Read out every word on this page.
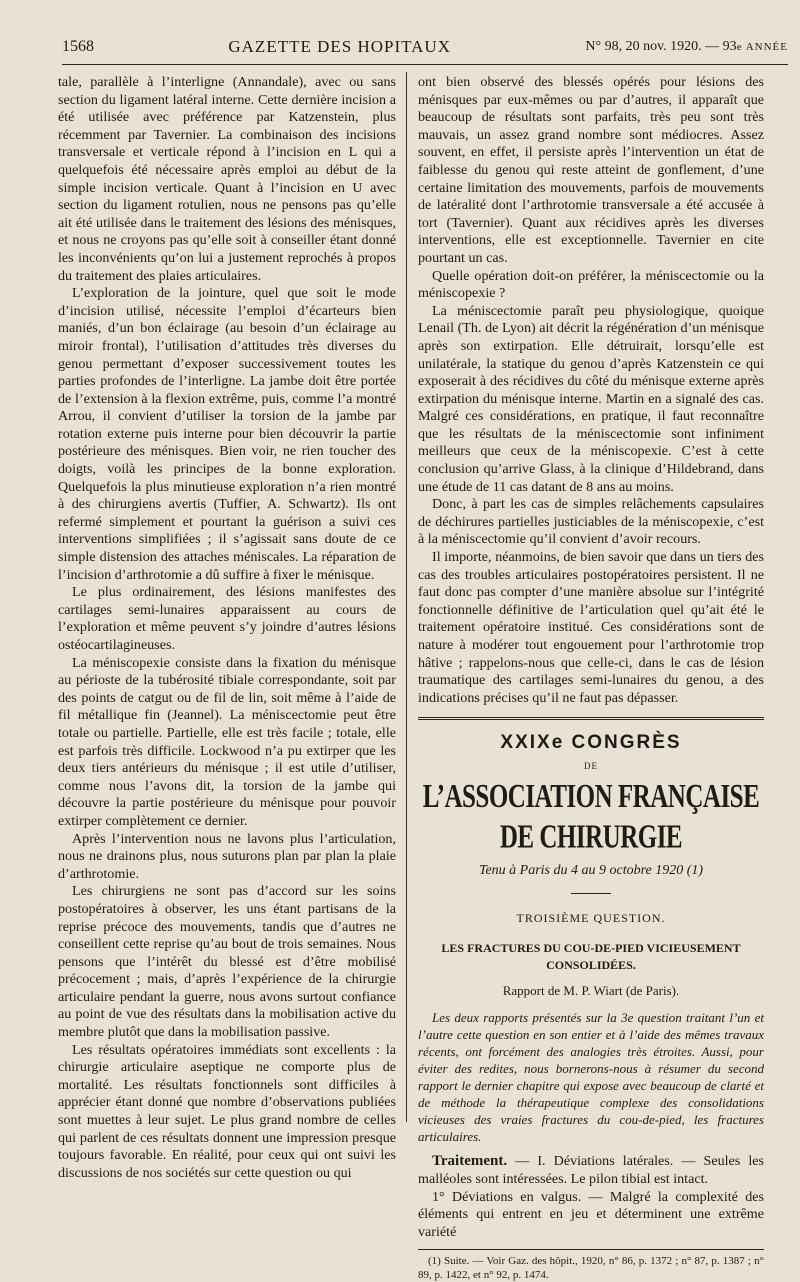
1568	GAZETTE DES HOPITAUX	N° 98, 20 nov. 1920. — 93e ANNÉE

tale, parallèle à l’interligne (Annandale), avec ou sans section du ligament latéral interne. Cette dernière incision a été utilisée avec préférence par Katzenstein, plus récemment par Tavernier. La combinaison des incisions transversale et verticale répond à l’incision en L qui a quelquefois été nécessaire après emploi au début de la simple incision verticale. Quant à l’incision en U avec section du ligament rotulien, nous ne pensons pas qu’elle ait été utilisée dans le traitement des lésions des ménisques, et nous ne croyons pas qu’elle soit à conseiller étant donné les inconvénients qu’on lui a justement reprochés à propos du traitement des plaies articulaires.

L’exploration de la jointure, quel que soit le mode d’incision utilisé, nécessite l’emploi d’écarteurs bien maniés, d’un bon éclairage (au besoin d’un éclairage au miroir frontal), l’utilisation d’attitudes très diverses du genou permettant d’exposer successivement toutes les parties profondes de l’interligne. La jambe doit être portée de l’extension à la flexion extrême, puis, comme l’a montré Arrou, il convient d’utiliser la torsion de la jambe par rotation externe puis interne pour bien découvrir la partie postérieure des ménisques. Bien voir, ne rien toucher des doigts, voilà les principes de la bonne exploration. Quelquefois la plus minutieuse exploration n’a rien montré à des chirurgiens avertis (Tuffier, A. Schwartz). Ils ont refermé simplement et pourtant la guérison a suivi ces interventions simplifiées ; il s’agissait sans doute de ce simple distension des attaches méniscales. La réparation de l’incision d’arthrotomie a dû suffire à fixer le ménisque.

Le plus ordinairement, des lésions manifestes des cartilages semi-lunaires apparaissent au cours de l’exploration et même peuvent s’y joindre d’autres lésions ostéocartilagineuses.

La méniscopexie consiste dans la fixation du ménisque au périoste de la tubérosité tibiale correspondante, soit par des points de catgut ou de fil de lin, soit même à l’aide de fil métallique fin (Jeannel). La méniscectomie peut être totale ou partielle. Partielle, elle est très facile ; totale, elle est parfois très difficile. Lockwood n’a pu extirper que les deux tiers antérieurs du ménisque ; il est utile d’utiliser, comme nous l’avons dit, la torsion de la jambe qui découvre la partie postérieure du ménisque pour pouvoir extirper complètement ce dernier.

Après l’intervention nous ne lavons plus l’articulation, nous ne drainons plus, nous suturons plan par plan la plaie d’arthrotomie.

Les chirurgiens ne sont pas d’accord sur les soins postopératoires à observer, les uns étant partisans de la reprise précoce des mouvements, tandis que d’autres ne conseillent cette reprise qu’au bout de trois semaines. Nous pensons que l’intérêt du blessé est d’être mobilisé précocement ; mais, d’après l’expérience de la chirurgie articulaire pendant la guerre, nous avons surtout confiance au point de vue des résultats dans la mobilisation active du membre plutôt que dans la mobilisation passive.

Les résultats opératoires immédiats sont excellents : la chirurgie articulaire aseptique ne comporte plus de mortalité. Les résultats fonctionnels sont difficiles à apprécier étant donné que nombre d’observations publiées sont muettes à leur sujet. Le plus grand nombre de celles qui parlent de ces résultats donnent une impression presque toujours favorable. En réalité, pour ceux qui ont suivi les discussions de nos sociétés sur cette question ou qui

ont bien observé des blessés opérés pour lésions des ménisques par eux-mêmes ou par d’autres, il apparaît que beaucoup de résultats sont parfaits, très peu sont très mauvais, un assez grand nombre sont médiocres. Assez souvent, en effet, il persiste après l’intervention un état de faiblesse du genou qui reste atteint de gonflement, d’une certaine limitation des mouvements, parfois de mouvements de latéralité dont l’arthrotomie transversale a été accusée à tort (Tavernier). Quant aux récidives après les diverses interventions, elle est exceptionnelle. Tavernier en cite pourtant un cas.

Quelle opération doit-on préférer, la méniscectomie ou la méniscopexie ?

La méniscectomie paraît peu physiologique, quoique Lenail (Th. de Lyon) ait décrit la régénération d’un ménisque après son extirpation. Elle détruirait, lorsqu’elle est unilatérale, la statique du genou d’après Katzenstein ce qui exposerait à des récidives du côté du ménisque externe après extirpation du ménisque interne. Martin en a signalé des cas. Malgré ces considérations, en pratique, il faut reconnaître que les résultats de la méniscectomie sont infiniment meilleurs que ceux de la méniscopexie. C’est à cette conclusion qu’arrive Glass, à la clinique d’Hildebrand, dans une étude de 11 cas datant de 8 ans au moins.

Donc, à part les cas de simples relâchements capsulaires de déchirures partielles justiciables de la méniscopexie, c’est à la méniscectomie qu’il convient d’avoir recours.

Il importe, néanmoins, de bien savoir que dans un tiers des cas des troubles articulaires postopératoires persistent. Il ne faut donc pas compter d’une manière absolue sur l’intégrité fonctionnelle définitive de l’articulation quel qu’ait été le traitement opératoire institué. Ces considérations sont de nature à modérer tout engouement pour l’arthrotomie trop hâtive ; rappelons-nous que celle-ci, dans le cas de lésion traumatique des cartilages semi-lunaires du genou, a des indications précises qu’il ne faut pas dépasser.

XXIXe CONGRÈS
DE
L’ASSOCIATION FRANÇAISE DE CHIRURGIE
Tenu à Paris du 4 au 9 octobre 1920 (1)
TROISIÈME QUESTION.
LES FRACTURES DU COU-DE-PIED VICIEUSEMENT CONSOLIDÉES.
Rapport de M. P. Wiart (de Paris).

Les deux rapports présentés sur la 3e question traitant l’un et l’autre cette question en son entier et à l’aide des mêmes travaux récents, ont forcément des analogies très étroites. Aussi, pour éviter des redites, nous bornerons-nous à résumer du second rapport le dernier chapitre qui expose avec beaucoup de clarté et de méthode la thérapeutique complexe des consolidations vicieuses des vraies fractures du cou-de-pied, les fractures articulaires.

Traitement. — I. Déviations latérales. — Seules les malléoles sont intéressées. Le pilon tibial est intact.

1° Déviations en valgus. — Malgré la complexité des éléments qui entrent en jeu et déterminent une extrême variété

(1) Suite. — Voir Gaz. des hôpit., 1920, n° 86, p. 1372 ; n° 87, p. 1387 ; n° 89, p. 1422, et n° 92, p. 1474.
